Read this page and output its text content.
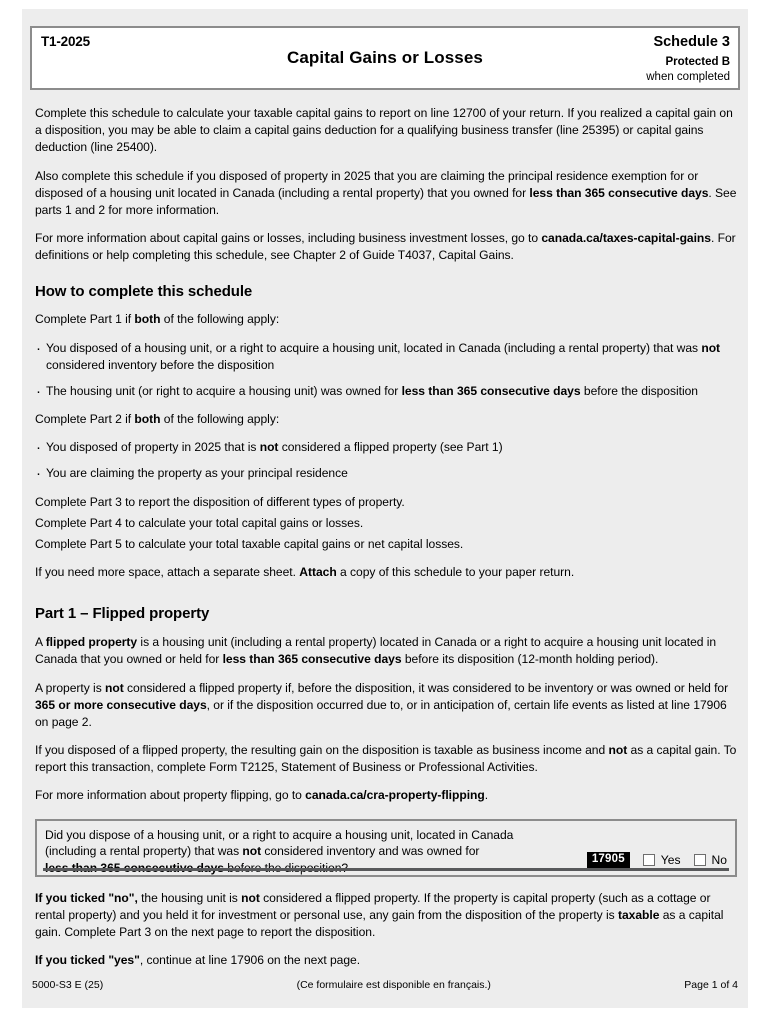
T1-2025
Capital Gains or Losses
Schedule 3
Protected B
when completed

Complete this schedule to calculate your taxable capital gains to report on line 12700 of your return. If you realized a capital gain on a disposition, you may be able to claim a capital gains deduction for a qualifying business transfer (line 25395) or capital gains deduction (line 25400).

Also complete this schedule if you disposed of property in 2025 that you are claiming the principal residence exemption for or disposed of a housing unit located in Canada (including a rental property) that you owned for less than 365 consecutive days. See parts 1 and 2 for more information.

For more information about capital gains or losses, including business investment losses, go to canada.ca/taxes-capital-gains. For definitions or help completing this schedule, see Chapter 2 of Guide T4037, Capital Gains.

How to complete this schedule

Complete Part 1 if both of the following apply:

· You disposed of a housing unit, or a right to acquire a housing unit, located in Canada (including a rental property) that was not considered inventory before the disposition
· The housing unit (or right to acquire a housing unit) was owned for less than 365 consecutive days before the disposition

Complete Part 2 if both of the following apply:

· You disposed of property in 2025 that is not considered a flipped property (see Part 1)
· You are claiming the property as your principal residence

Complete Part 3 to report the disposition of different types of property.

Complete Part 4 to calculate your total capital gains or losses.

Complete Part 5 to calculate your total taxable capital gains or net capital losses.

If you need more space, attach a separate sheet. Attach a copy of this schedule to your paper return.

Part 1 – Flipped property

A flipped property is a housing unit (including a rental property) located in Canada or a right to acquire a housing unit located in Canada that you owned or held for less than 365 consecutive days before its disposition (12-month holding period).

A property is not considered a flipped property if, before the disposition, it was considered to be inventory or was owned or held for 365 or more consecutive days, or if the disposition occurred due to, or in anticipation of, certain life events as listed at line 17906 on page 2.

If you disposed of a flipped property, the resulting gain on the disposition is taxable as business income and not as a capital gain. To report this transaction, complete Form T2125, Statement of Business or Professional Activities.

For more information about property flipping, go to canada.ca/cra-property-flipping.

Did you dispose of a housing unit, or a right to acquire a housing unit, located in Canada
(including a rental property) that was not considered inventory and was owned for
17905	Yes	No

If you ticked "no", the housing unit is not considered a flipped property. If the property is capital property (such as a cottage or rental property) and you held it for investment or personal use, any gain from the disposition of the property is taxable as a capital gain. Complete Part 3 on the next page to report the disposition.

If you ticked "yes", continue at line 17906 on the next page.

5000-S3 E (25)	(Ce formulaire est disponible en français.)	Page 1 of 4
